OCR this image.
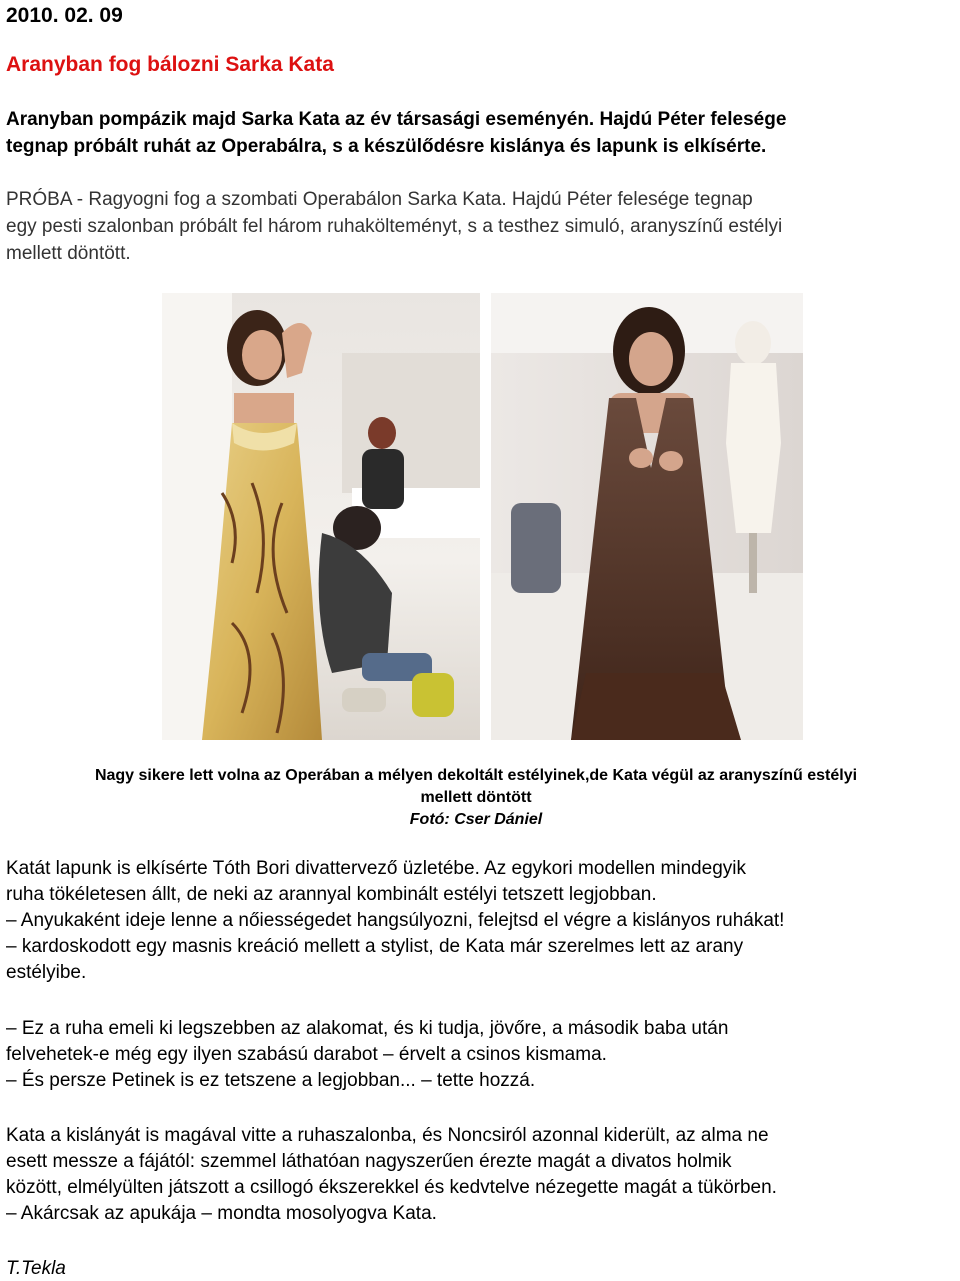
2010. 02. 09
Aranyban fog bálozni Sarka Kata
Aranyban pompázik majd Sarka Kata az év társasági eseményén. Hajdú Péter felesége
tegnap próbált ruhát az Operabálra, s a készülődésre kislánya és lapunk is elkísérte.
PRÓBA - Ragyogni fog a szombati Operabálon Sarka Kata. Hajdú Péter felesége tegnap
egy pesti szalonban próbált fel három ruhakölteményt, s a testhez simuló, aranyszínű estélyi
mellett döntött.
Nagy sikere lett volna az Operában a mélyen dekoltált estélyinek,de Kata végül az aranyszínű estélyi
mellett döntött
Fotó: Cser Dániel
Katát lapunk is elkísérte Tóth Bori divattervező üzletébe. Az egykori modellen mindegyik
ruha tökéletesen állt, de neki az arannyal kombinált estélyi tetszett legjobban.
– Anyukaként ideje lenne a nőiességedet hangsúlyozni, felejtsd el végre a kislányos ruhákat!
– kardoskodott egy masnis kreáció mellett a stylist, de Kata már szerelmes lett az arany
estélyibe.
– Ez a ruha emeli ki legszebben az alakomat, és ki tudja, jövőre, a második baba után
felvehetek-e még egy ilyen szabású darabot – érvelt a csinos kismama.
– És persze Petinek is ez tetszene a legjobban... – tette hozzá.
Kata a kislányát is magával vitte a ruhaszalonba, és Noncsiról azonnal kiderült, az alma ne
esett messze a fájától: szemmel láthatóan nagyszerűen érezte magát a divatos holmik
között, elmélyülten játszott a csillogó ékszerekkel és kedvtelve nézegette magát a tükörben.
– Akárcsak az apukája – mondta mosolyogva Kata.
T.Tekla
